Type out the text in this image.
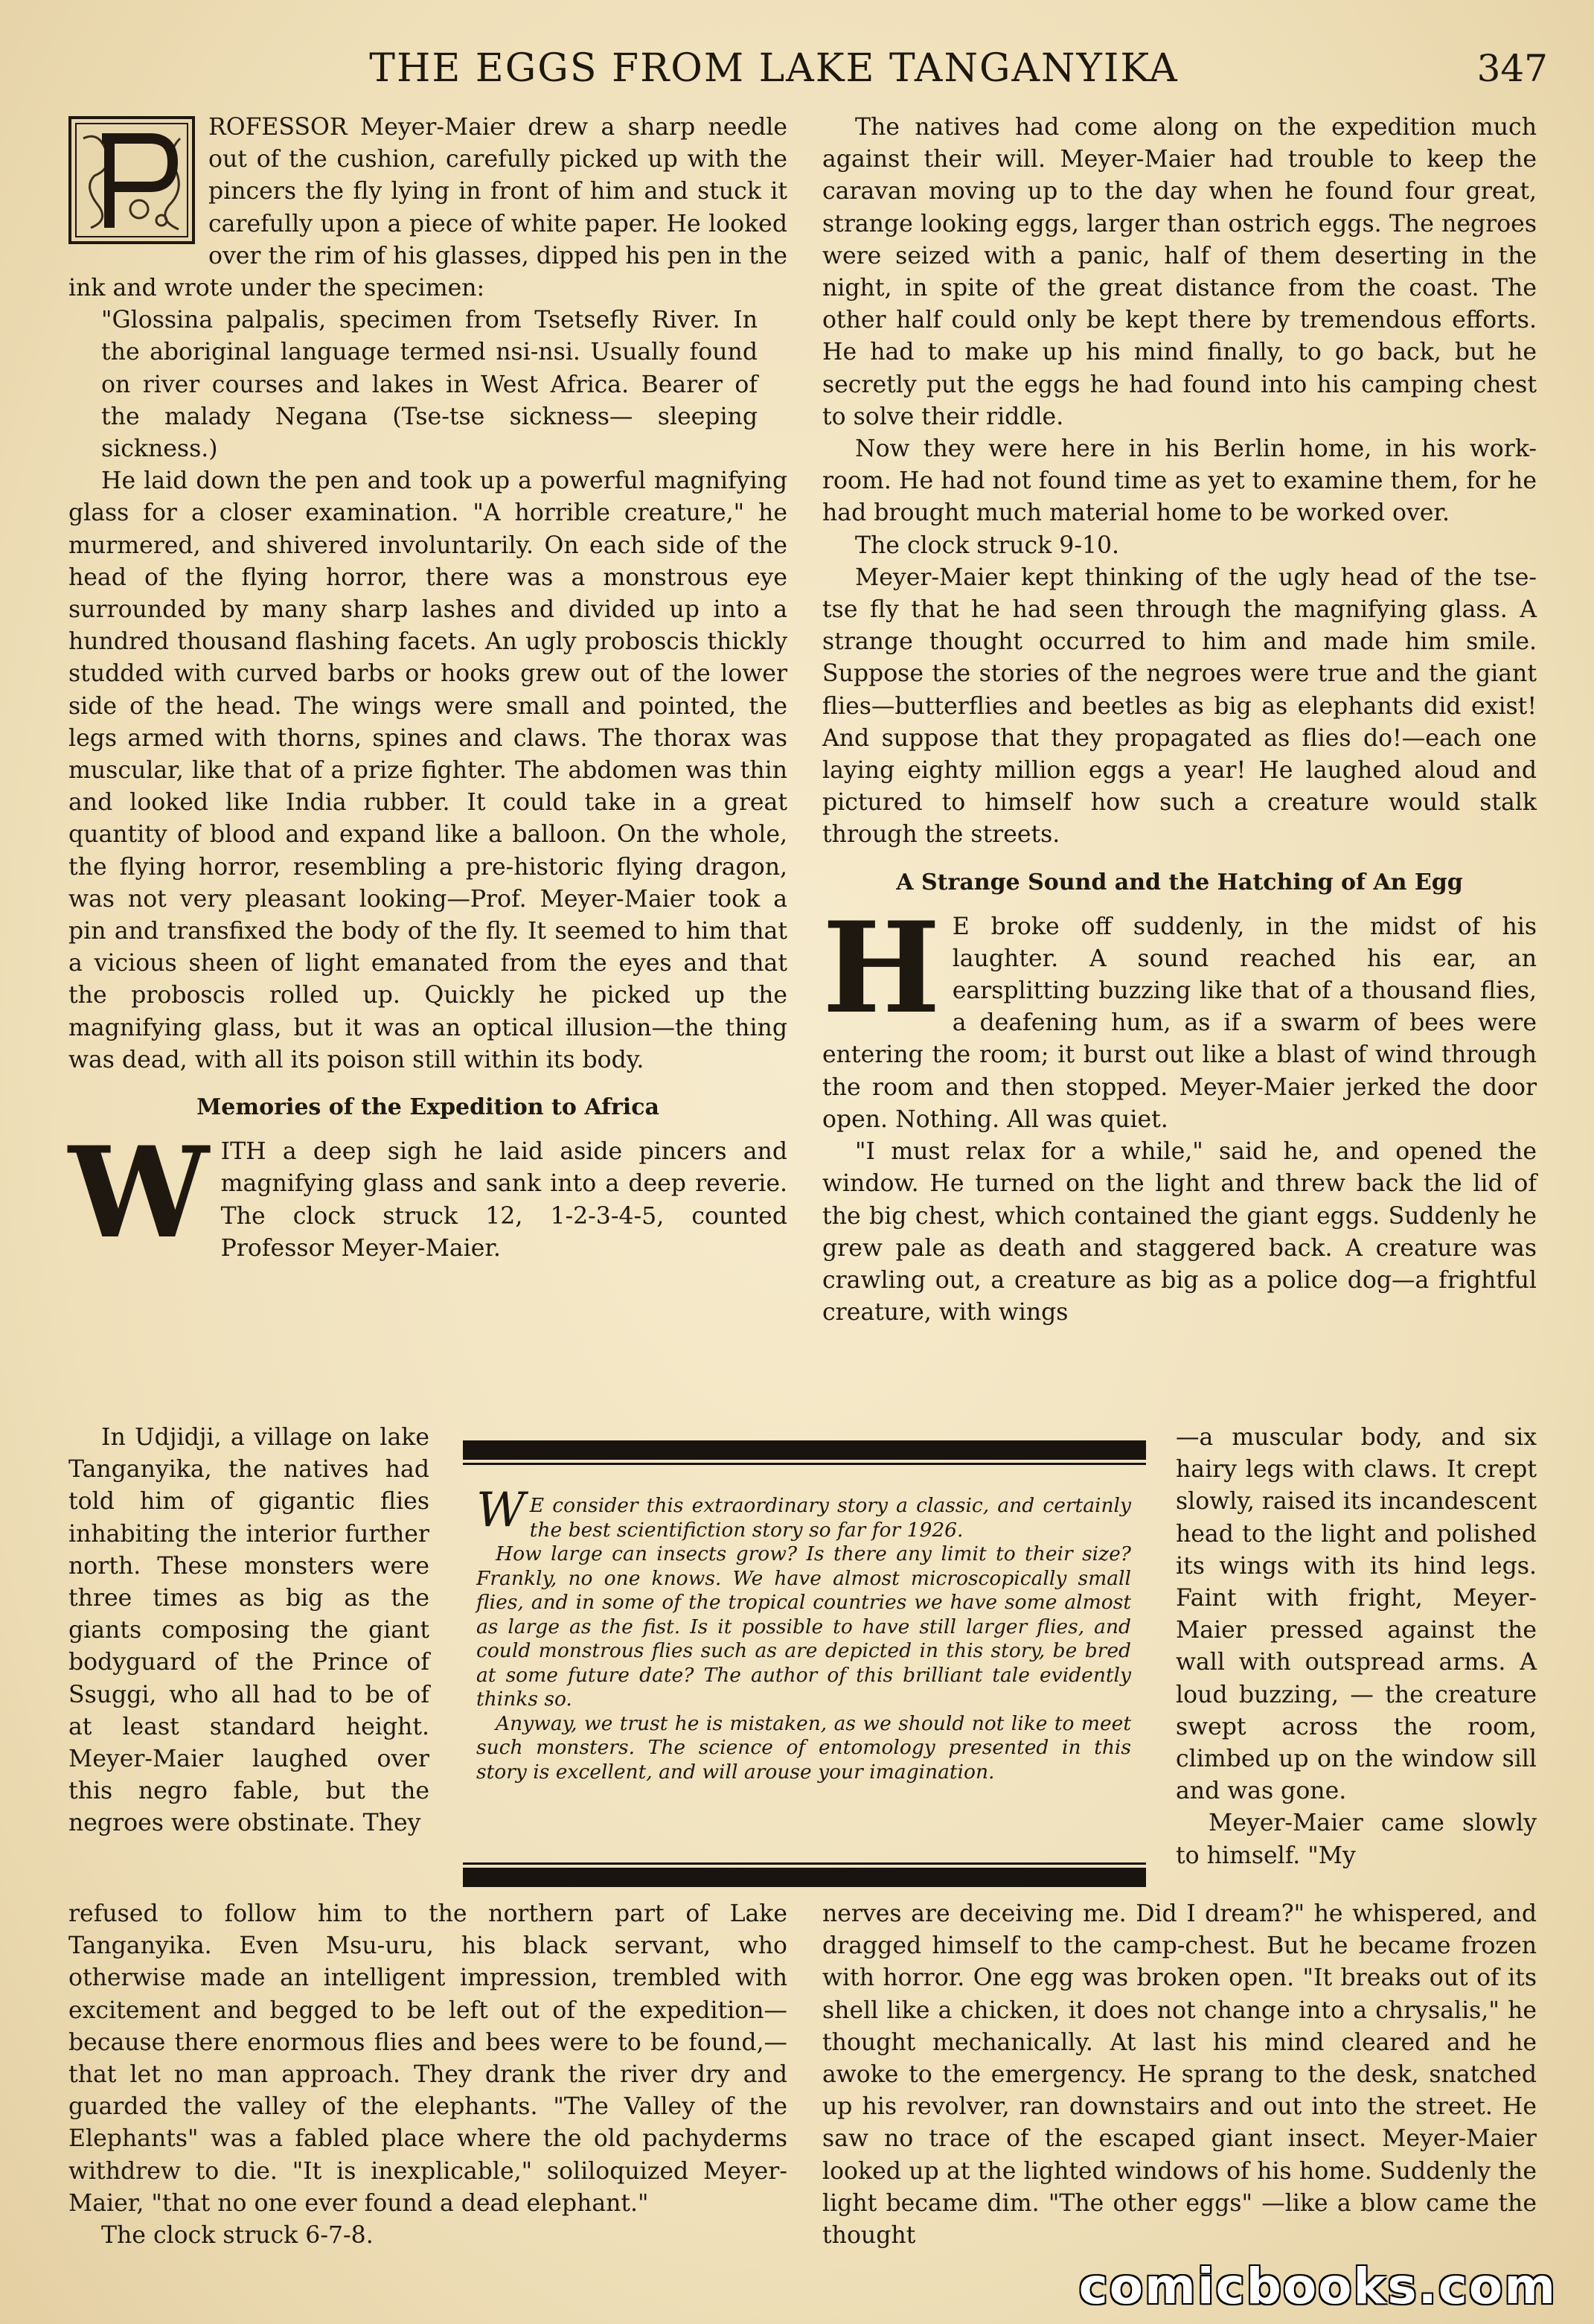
THE EGGS FROM LAKE TANGANYIKA	347

ROFESSOR Meyer-Maier drew a sharp needle out of the cushion, carefully picked up with the pincers the fly lying in front of him and stuck it carefully upon a piece of white paper. He looked over the rim of his glasses, dipped his pen in the ink and wrote under the specimen:

"Glossina palpalis, specimen from Tsetsefly River. In the aboriginal language termed nsi-nsi. Usually found on river courses and lakes in West Africa. Bearer of the malady Negana (Tse-tse sickness— sleeping sickness.)

He laid down the pen and took up a powerful magnifying glass for a closer examination. "A horrible creature," he murmered, and shivered involuntarily. On each side of the head of the flying horror, there was a monstrous eye surrounded by many sharp lashes and divided up into a hundred thousand flashing facets. An ugly proboscis thickly studded with curved barbs or hooks grew out of the lower side of the head. The wings were small and pointed, the legs armed with thorns, spines and claws. The thorax was muscular, like that of a prize fighter. The abdomen was thin and looked like India rubber. It could take in a great quantity of blood and expand like a balloon. On the whole, the flying horror, resembling a pre-historic flying dragon, was not very pleasant looking—Prof. Meyer-Maier took a pin and transfixed the body of the fly. It seemed to him that a vicious sheen of light emanated from the eyes and that the proboscis rolled up. Quickly he picked up the magnifying glass, but it was an optical illusion—the thing was dead, with all its poison still within its body.

Memories of the Expedition to Africa

WITH a deep sigh he laid aside pincers and magnifying glass and sank into a deep reverie. The clock struck 12, 1-2-3-4-5, counted Professor Meyer-Maier.

The natives had come along on the expedition much against their will. Meyer-Maier had trouble to keep the caravan moving up to the day when he found four great, strange looking eggs, larger than ostrich eggs. The negroes were seized with a panic, half of them deserting in the night, in spite of the great distance from the coast. The other half could only be kept there by tremendous efforts. He had to make up his mind finally, to go back, but he secretly put the eggs he had found into his camping chest to solve their riddle.

Now they were here in his Berlin home, in his work-room. He had not found time as yet to examine them, for he had brought much material home to be worked over.

The clock struck 9-10.

Meyer-Maier kept thinking of the ugly head of the tse-tse fly that he had seen through the magnifying glass. A strange thought occurred to him and made him smile. Suppose the stories of the negroes were true and the giant flies—butterflies and beetles as big as elephants did exist! And suppose that they propagated as flies do!—each one laying eighty million eggs a year! He laughed aloud and pictured to himself how such a creature would stalk through the streets.

A Strange Sound and the Hatching of An Egg

H E broke off suddenly, in the midst of his laughter. A sound reached his ear, an earsplitting buzzing like that of a thousand flies, a deafening hum, as if a swarm of bees were entering the room; it burst out like a blast of wind through the room and then stopped. Meyer-Maier jerked the door open. Nothing. All was quiet.

"I must relax for a while," said he, and opened the window. He turned on the light and threw back the lid of the big chest, which contained the giant eggs. Suddenly he grew pale as death and staggered back. A creature was crawling out, a creature as big as a police dog—a frightful creature, with wings

In Udjidji, a village on lake Tanganyika, the natives had told him of gigantic flies inhabiting the interior further north. These monsters were three times as big as the giants composing the giant bodyguard of the Prince of Ssuggi, who all had to be of at least standard height. Meyer-Maier laughed over this negro fable, but the negroes were obstinate. They

—a muscular body, and six hairy legs with claws. It crept slowly, raised its incandescent head to the light and polished its wings with its hind legs. Faint with fright, Meyer-Maier pressed against the wall with outspread arms. A loud buzzing, — the creature swept across the room, climbed up on the window sill and was gone.

Meyer-Maier came slowly to himself. "My

W E consider this extraordinary story a classic, and certainly the best scientifiction story so far for 1926.

How large can insects grow? Is there any limit to their size? Frankly, no one knows. We have almost microscopically small flies, and in some of the tropical countries we have some almost as large as the fist. Is it possible to have still larger flies, and could monstrous flies such as are depicted in this story, be bred at some future date? The author of this brilliant tale evidently thinks so.

Anyway, we trust he is mistaken, as we should not like to meet such monsters. The science of entomology presented in this story is excellent, and will arouse your imagination.

refused to follow him to the northern part of Lake Tanganyika. Even Msu-uru, his black servant, who otherwise made an intelligent impression, trembled with excitement and begged to be left out of the expedition—because there enormous flies and bees were to be found,—that let no man approach. They drank the river dry and guarded the valley of the elephants. "The Valley of the Elephants" was a fabled place where the old pachyderms withdrew to die. "It is inexplicable," soliloquized Meyer-Maier, "that no one ever found a dead elephant."

The clock struck 6-7-8.

nerves are deceiving me. Did I dream?" he whispered, and dragged himself to the camp-chest. But he became frozen with horror. One egg was broken open. "It breaks out of its shell like a chicken, it does not change into a chrysalis," he thought mechanically. At last his mind cleared and he awoke to the emergency. He sprang to the desk, snatched up his revolver, ran downstairs and out into the street. He saw no trace of the escaped giant insect. Meyer-Maier looked up at the lighted windows of his home. Suddenly the light became dim. "The other eggs" —like a blow came the thought

comicbooks.com
